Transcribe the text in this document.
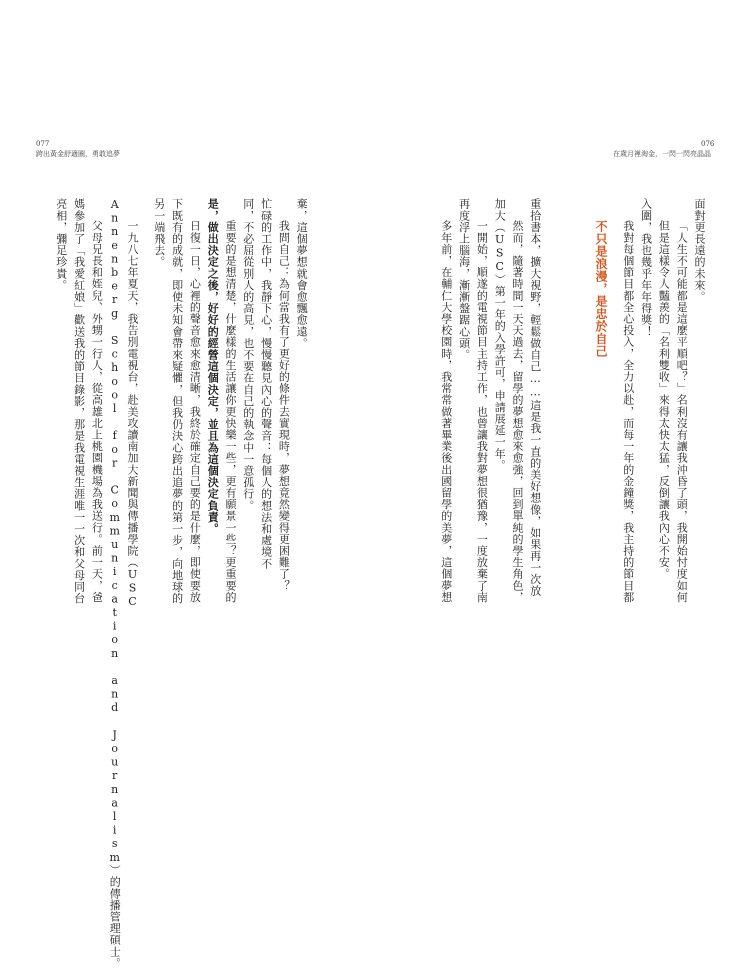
077
跨出黃金舒適圈，勇敢追夢
棄，這個夢想就會愈飄愈遠。
我問自己：為何當我有了更好的條件去實現時，夢想竟然變得更困難了？
忙碌的工作中，我靜下心，慢慢聽見內心的聲音：每個人的想法和處境不
同，不必屈從別人的高見，也不要在自己的執念中一意孤行。
重要的是想清楚，什麼樣的生活讓你更快樂一些，更有願景一些？更重要的
是，做出決定之後，好好的經營這個決定，並且為這個決定負責。
日復一日，心裡的聲音愈來愈清晰，我終於確定自己要的是什麼，即使要放
下既有的成就，即使未知會帶來疑懼，但我仍決心跨出追夢的第一步，向地球的
另一端飛去。
一九八七年夏天，我告別電視台，赴美攻讀南加大新聞與傳播學院（USC
Annenberg School for Communication and Journalism）的傳播管理碩士。
父母兄長和姪兒、外甥一行人，從高雄北上桃園機場為我送行。前一天，爸
媽參加了「我愛紅娘」歡送我的節目錄影，那是我電視生涯唯一一次和父母同台
亮相，彌足珍貴。
076
在歲月裡淘金，一閃一閃亮晶晶
面對更長遠的未來。
「人生不可能都是這麼平順吧？」名利沒有讓我沖昏了頭，我開始忖度如何
但是這樣令人豔羨的「名利雙收」來得太快太猛，反倒讓我內心不安。
入圍，我也幾乎年年得獎！
我對每個節目都全心投入，全力以赴，而每一年的金鐘獎，我主持的節目都
不只是浪漫，是忠於自己
重拾書本，擴大視野，輕鬆做自己……這是我一直的美好想像，如果再一次放
然而，隨著時間一天天過去，留學的夢想愈來愈強，回到單純的學生角色，
加大（USC）第一年的入學許可，申請展延一年。
一開始，順遂的電視節目主持工作，也曾讓我對夢想很猶豫，一度放棄了南
再度浮上腦海，漸漸盤踞心頭。
多年前，在輔仁大學校園時，我常常做著畢業後出國留學的美夢，這個夢想
